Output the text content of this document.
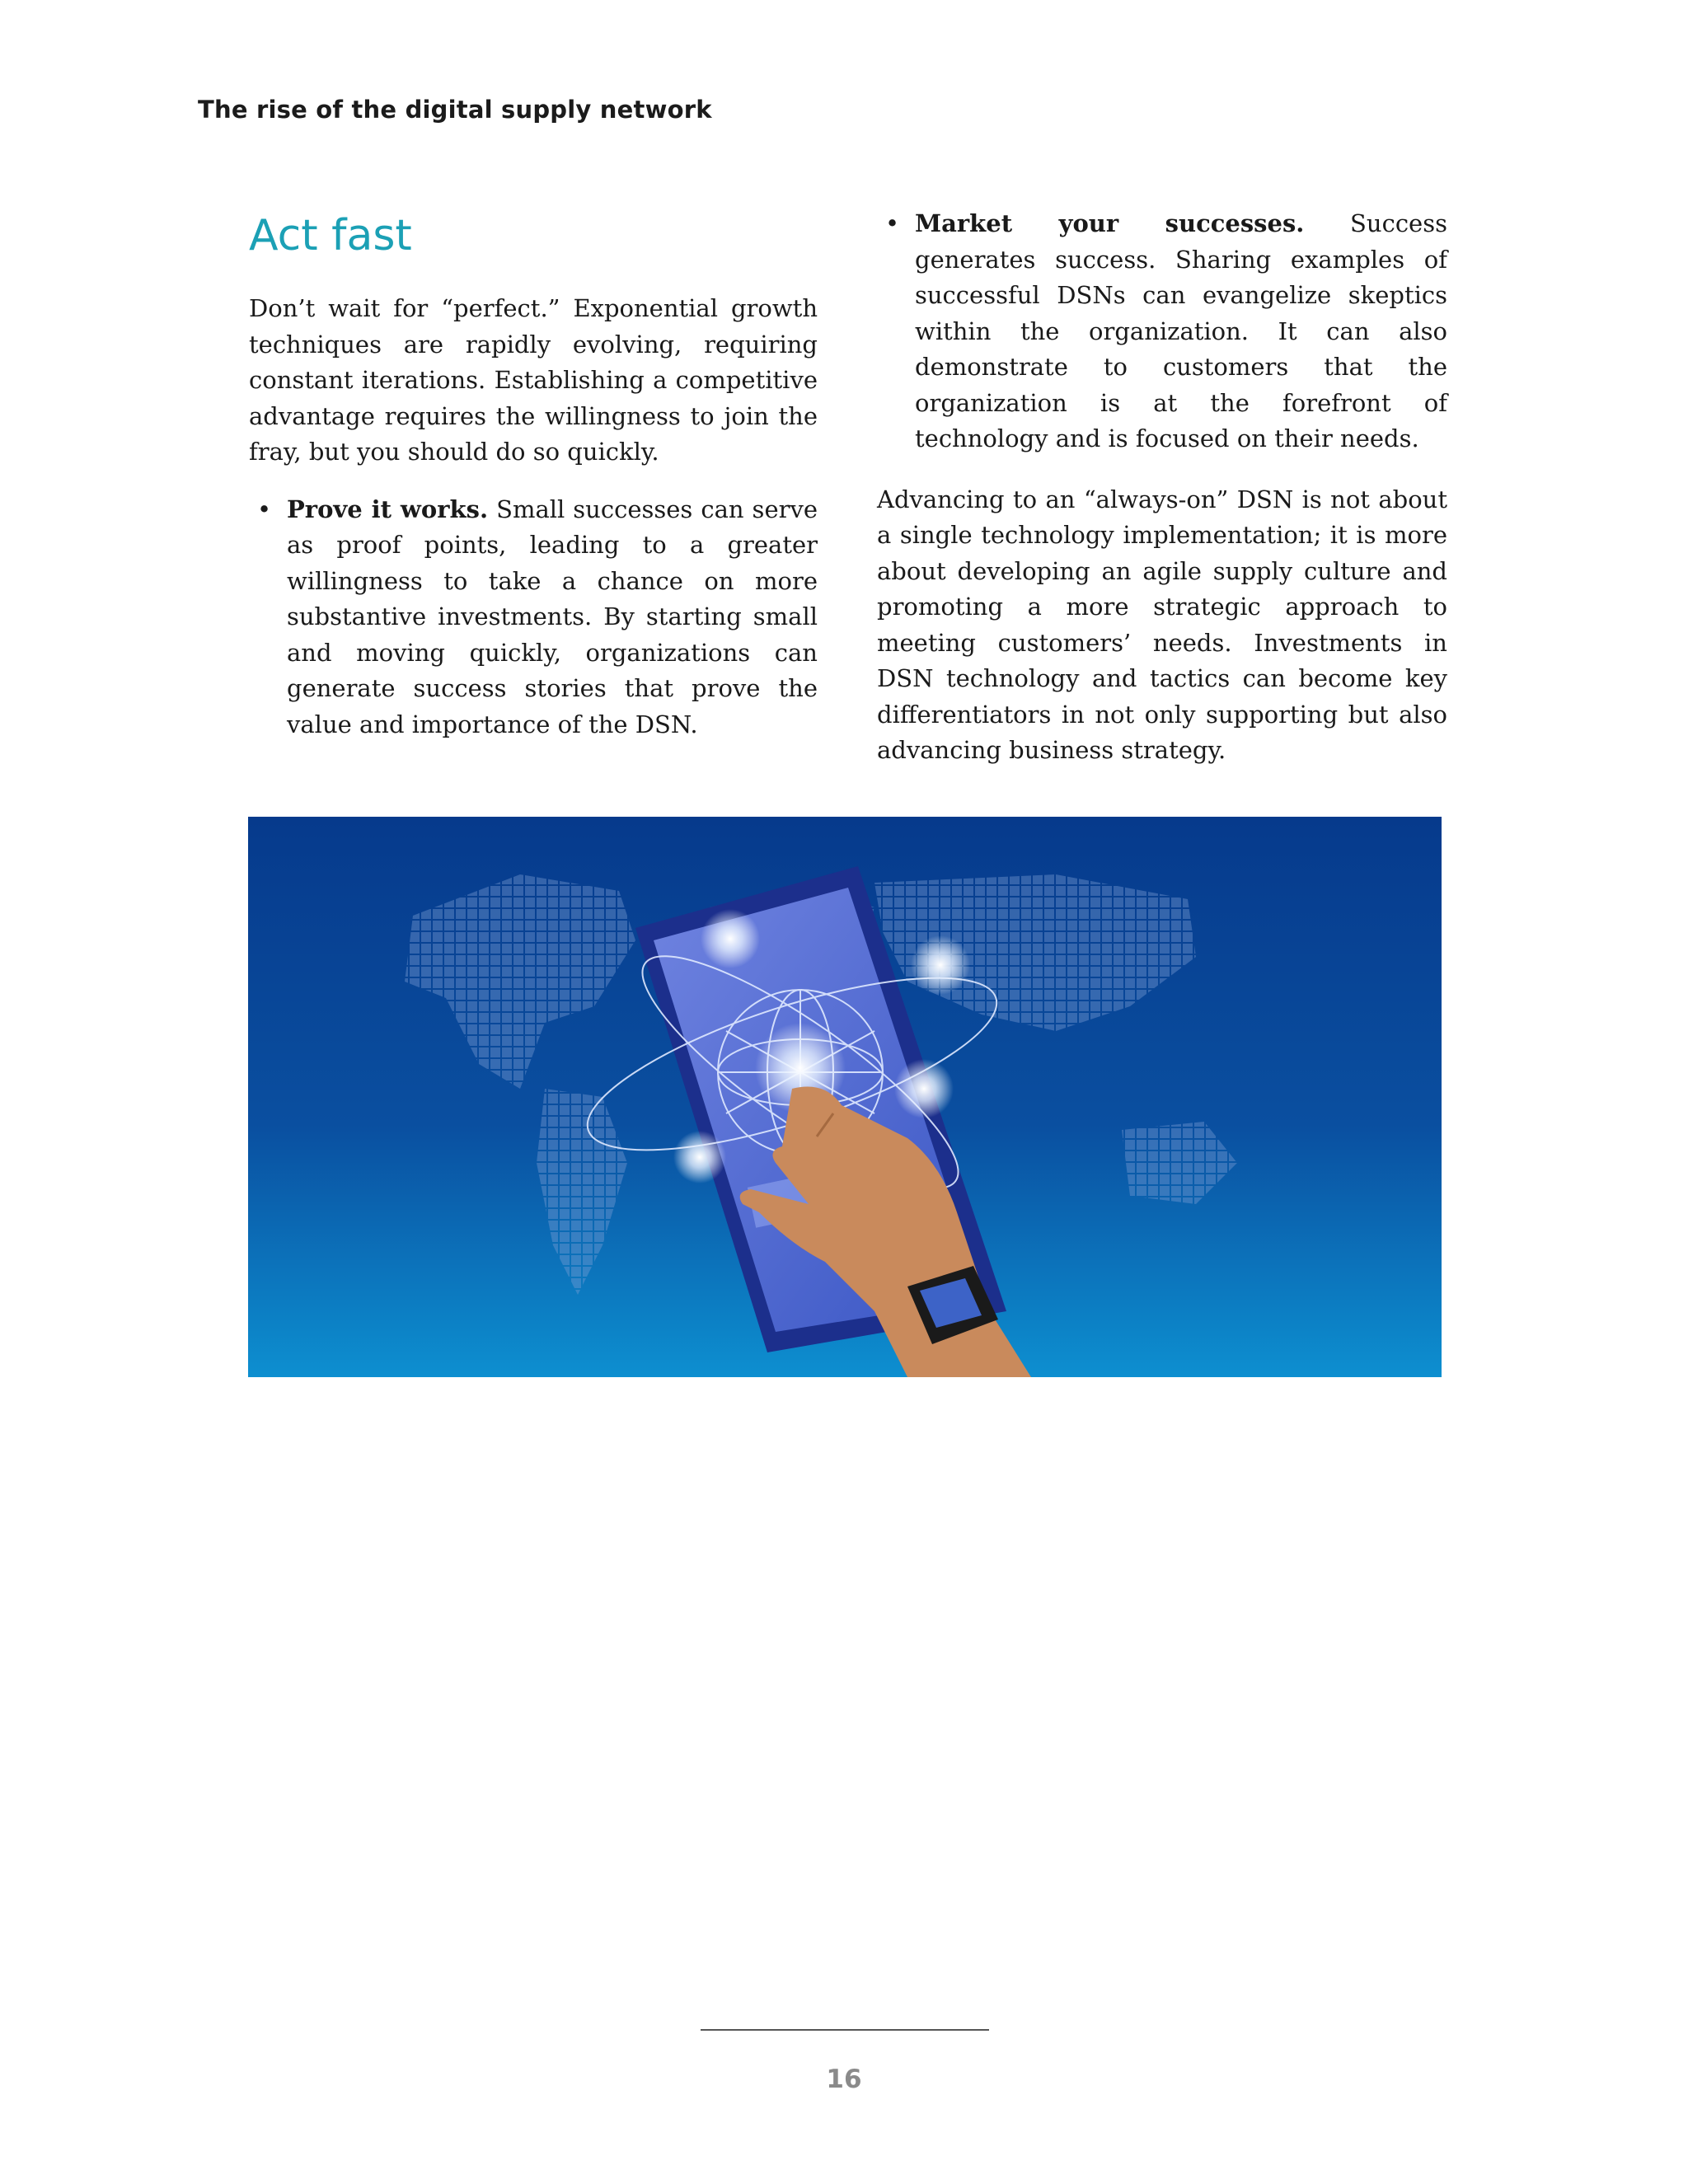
The rise of the digital supply network
Act fast

Don’t wait for “perfect.” Exponential growth techniques are rapidly evolving, requiring constant iterations. Establishing a competitive advantage requires the willingness to join the fray, but you should do so quickly.

• Prove it works. Small successes can serve as proof points, leading to a greater willingness to take a chance on more substantive investments. By starting small and moving quickly, organizations can generate success stories that prove the value and importance of the DSN.
• Market your successes. Success generates success. Sharing examples of successful DSNs can evangelize skeptics within the organization. It can also demonstrate to customers that the organization is at the forefront of technology and is focused on their needs.

Advancing to an “always-on” DSN is not about a single technology implementation; it is more about developing an agile supply culture and promoting a more strategic approach to meeting customers’ needs. Investments in DSN technology and tactics can become key differentiators in not only supporting but also advancing business strategy.

16
